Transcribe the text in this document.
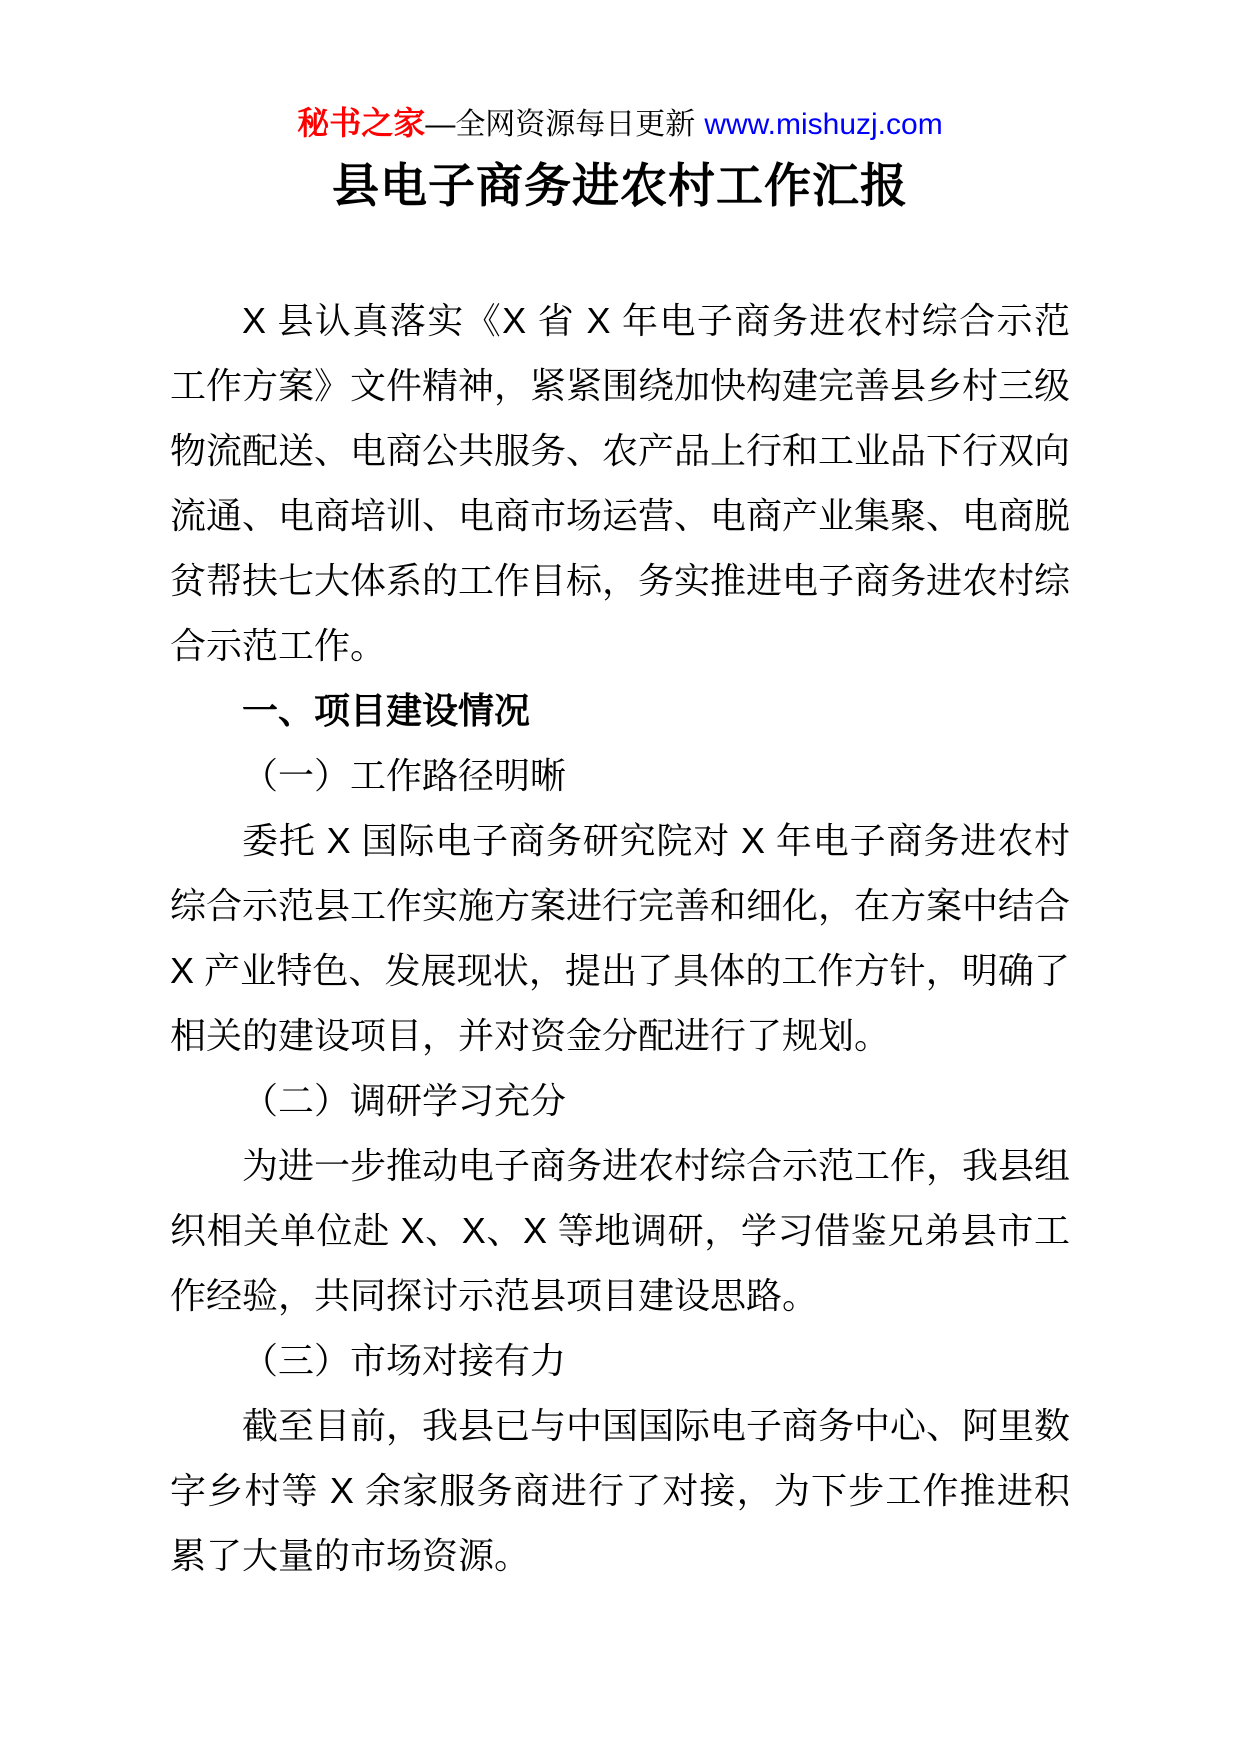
秘书之家—全网资源每日更新 www.mishuzj.com
县电子商务进农村工作汇报

X 县认真落实《X 省 X 年电子商务进农村综合示范工作方案》文件精神，紧紧围绕加快构建完善县乡村三级物流配送、电商公共服务、农产品上行和工业品下行双向流通、电商培训、电商市场运营、电商产业集聚、电商脱贫帮扶七大体系的工作目标，务实推进电子商务进农村综合示范工作。

一、项目建设情况

（一）工作路径明晰

委托 X 国际电子商务研究院对 X 年电子商务进农村综合示范县工作实施方案进行完善和细化，在方案中结合 X 产业特色、发展现状，提出了具体的工作方针，明确了相关的建设项目，并对资金分配进行了规划。

（二）调研学习充分

为进一步推动电子商务进农村综合示范工作，我县组织相关单位赴 X、X、X 等地调研，学习借鉴兄弟县市工作经验，共同探讨示范县项目建设思路。

（三）市场对接有力

截至目前，我县已与中国国际电子商务中心、阿里数字乡村等 X 余家服务商进行了对接，为下步工作推进积累了大量的市场资源。
